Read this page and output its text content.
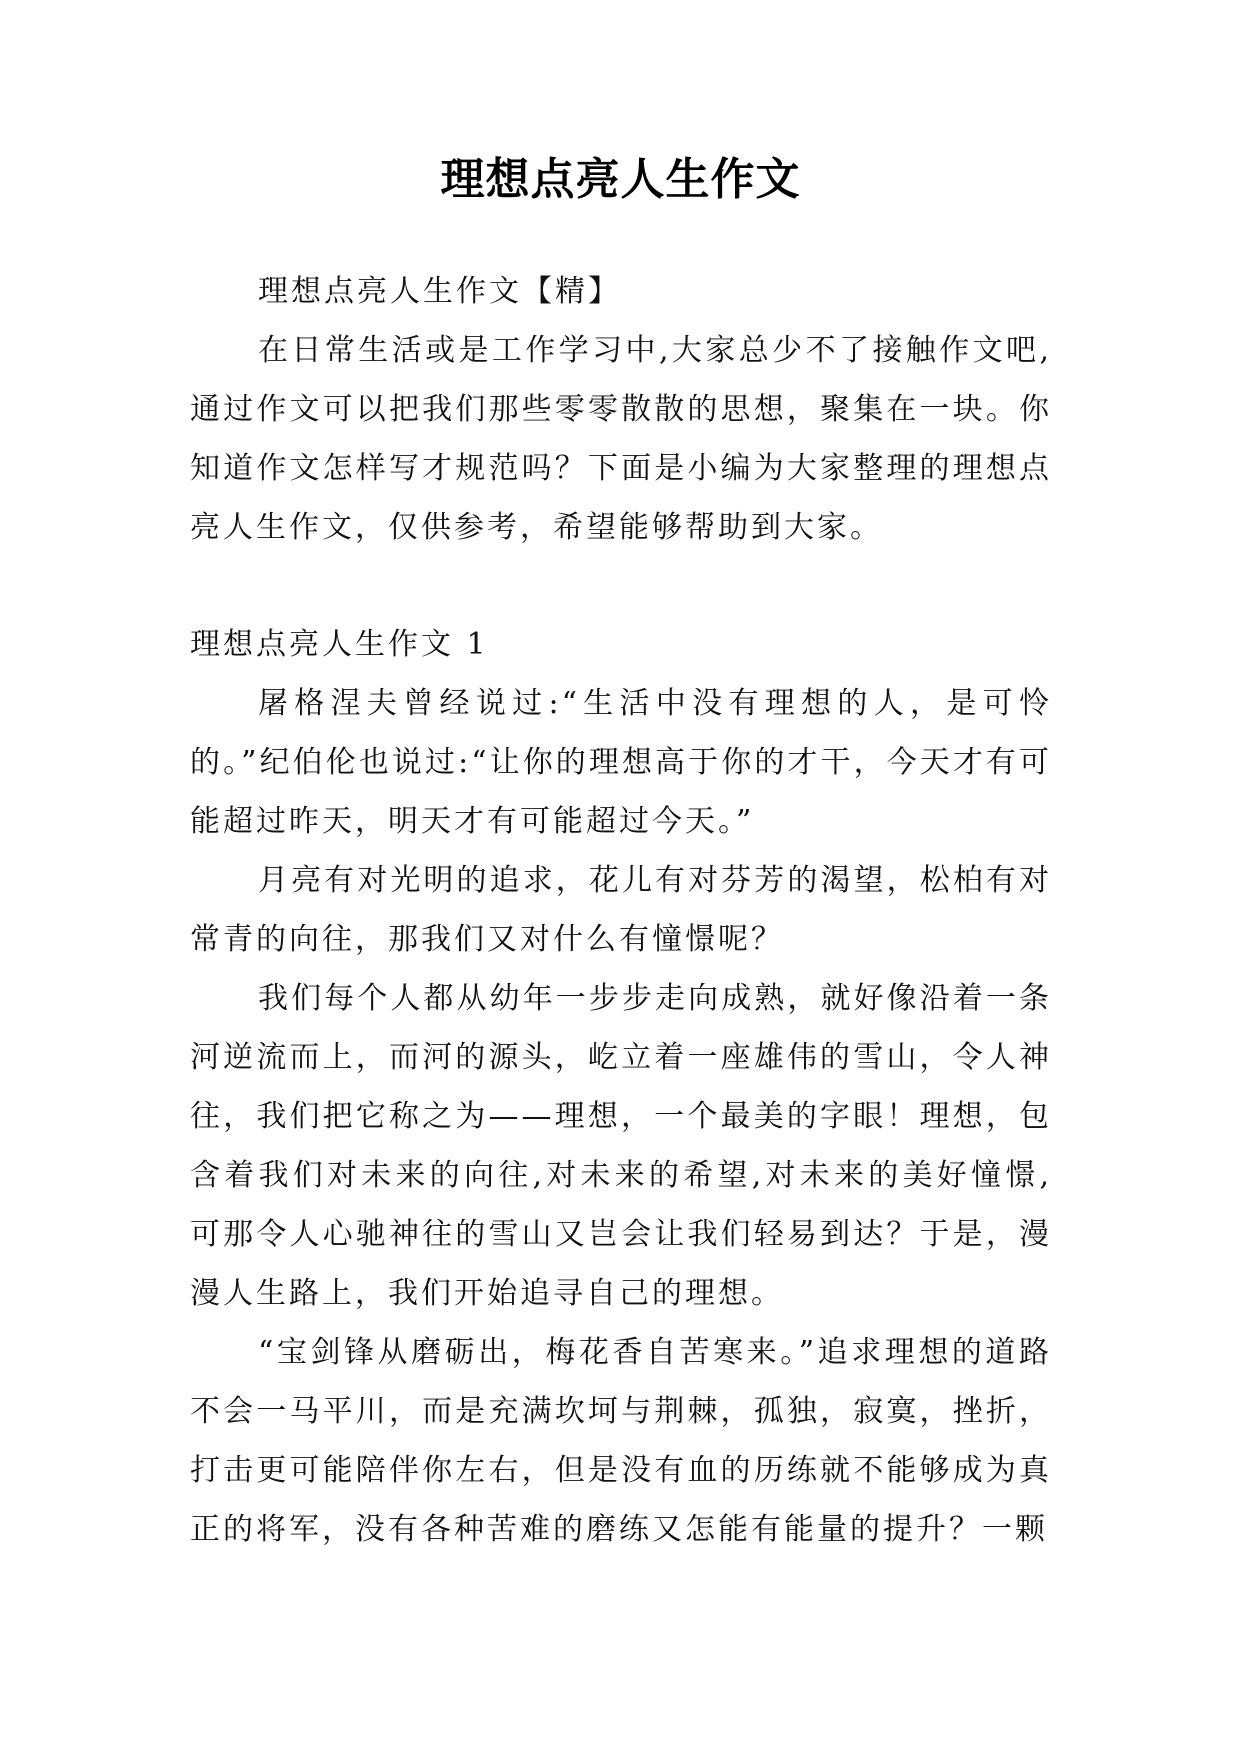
理想点亮人生作文

理想点亮人生作文【精】

在日常生活或是工作学习中,大家总少不了接触作文吧,通过作文可以把我们那些零零散散的思想，聚集在一块。你知道作文怎样写才规范吗？下面是小编为大家整理的理想点亮人生作文，仅供参考，希望能够帮助到大家。

理想点亮人生作文 1

屠格涅夫曾经说过:“生活中没有理想的人，是可怜的。”纪伯伦也说过:“让你的理想高于你的才干，今天才有可能超过昨天，明天才有可能超过今天。”

月亮有对光明的追求，花儿有对芬芳的渴望，松柏有对常青的向往，那我们又对什么有憧憬呢？

我们每个人都从幼年一步步走向成熟，就好像沿着一条河逆流而上，而河的源头，屹立着一座雄伟的雪山，令人神往，我们把它称之为——理想，一个最美的字眼！理想，包含着我们对未来的向往,对未来的希望,对未来的美好憧憬,可那令人心驰神往的雪山又岂会让我们轻易到达？于是，漫漫人生路上，我们开始追寻自己的理想。

“宝剑锋从磨砺出，梅花香自苦寒来。”追求理想的道路不会一马平川，而是充满坎坷与荆棘，孤独，寂寞，挫折，打击更可能陪伴你左右，但是没有血的历练就不能够成为真正的将军，没有各种苦难的磨练又怎能有能量的提升？一颗
